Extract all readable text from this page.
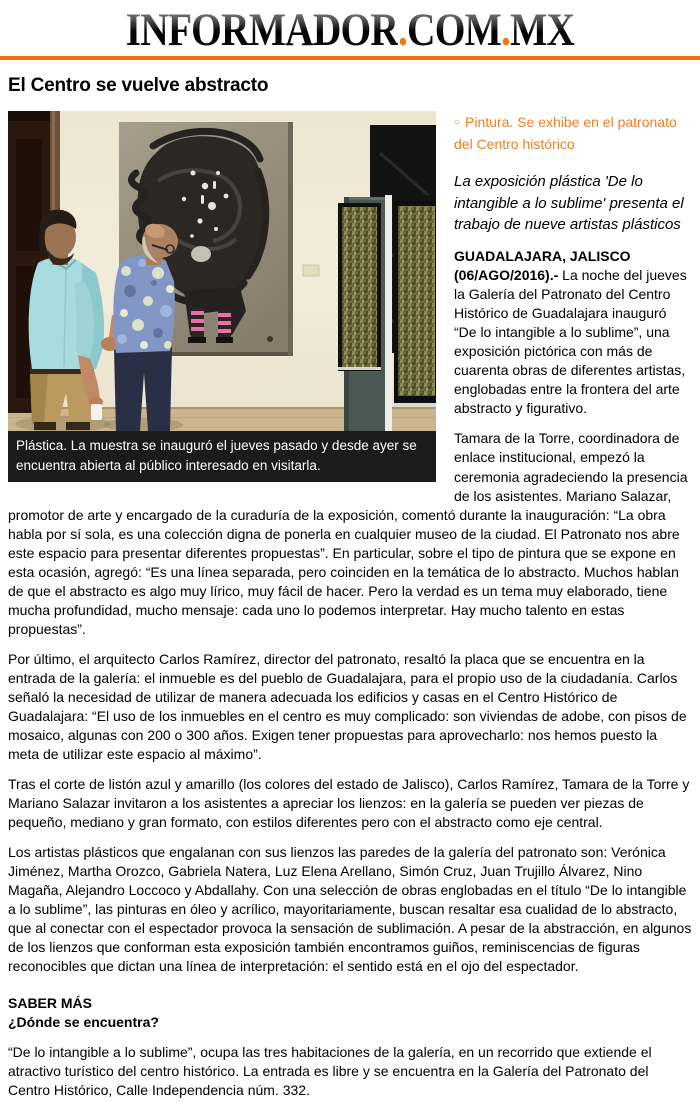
INFORMADOR.COM.MX
El Centro se vuelve abstracto
Plástica. La muestra se inauguró el jueves pasado y desde ayer se encuentra abierta al público interesado en visitarla.

○ Pintura. Se exhibe en el patronato del Centro histórico

La exposición plástica 'De lo intangible a lo sublime' presenta el trabajo de nueve artistas plásticos

GUADALAJARA, JALISCO (06/AGO/2016).- La noche del jueves la Galería del Patronato del Centro Histórico de Guadalajara inauguró “De lo intangible a lo sublime”, una exposición pictórica con más de cuarenta obras de diferentes artistas, englobadas entre la frontera del arte abstracto y figurativo.

Tamara de la Torre, coordinadora de enlace institucional, empezó la ceremonia agradeciendo la presencia de los asistentes. Mariano Salazar, promotor de arte y encargado de la curaduría de la exposición, comentó durante la inauguración: “La obra habla por sí sola, es una colección digna de ponerla en cualquier museo de la ciudad. El Patronato nos abre este espacio para presentar diferentes propuestas”. En particular, sobre el tipo de pintura que se expone en esta ocasión, agregó: “Es una línea separada, pero coinciden en la temática de lo abstracto. Muchos hablan de que el abstracto es algo muy lírico, muy fácil de hacer. Pero la verdad es un tema muy elaborado, tiene mucha profundidad, mucho mensaje: cada uno lo podemos interpretar. Hay mucho talento en estas propuestas”.

Por último, el arquitecto Carlos Ramírez, director del patronato, resaltó la placa que se encuentra en la entrada de la galería: el inmueble es del pueblo de Guadalajara, para el propio uso de la ciudadanía. Carlos señaló la necesidad de utilizar de manera adecuada los edificios y casas en el Centro Histórico de Guadalajara: “El uso de los inmuebles en el centro es muy complicado: son viviendas de adobe, con pisos de mosaico, algunas con 200 o 300 años. Exigen tener propuestas para aprovecharlo: nos hemos puesto la meta de utilizar este espacio al máximo”.

Tras el corte de listón azul y amarillo (los colores del estado de Jalisco), Carlos Ramírez, Tamara de la Torre y Mariano Salazar invitaron a los asistentes a apreciar los lienzos: en la galería se pueden ver piezas de pequeño, mediano y gran formato, con estilos diferentes pero con el abstracto como eje central.

Los artistas plásticos que engalanan con sus lienzos las paredes de la galería del patronato son: Verónica Jiménez, Martha Orozco, Gabriela Natera, Luz Elena Arellano, Simón Cruz, Juan Trujillo Álvarez, Nino Magaña, Alejandro Loccoco y Abdallahy. Con una selección de obras englobadas en el título “De lo intangible a lo sublime”, las pinturas en óleo y acrílico, mayoritariamente, buscan resaltar esa cualidad de lo abstracto, que al conectar con el espectador provoca la sensación de sublimación. A pesar de la abstracción, en algunos de los lienzos que conforman esta exposición también encontramos guiños, reminiscencias de figuras reconocibles que dictan una línea de interpretación: el sentido está en el ojo del espectador.

SABER MÁS
¿Dónde se encuentra?

“De lo intangible a lo sublime”, ocupa las tres habitaciones de la galería, en un recorrido que extiende el atractivo turístico del centro histórico. La entrada es libre y se encuentra en la Galería del Patronato del Centro Histórico, Calle Independencia núm. 332.
